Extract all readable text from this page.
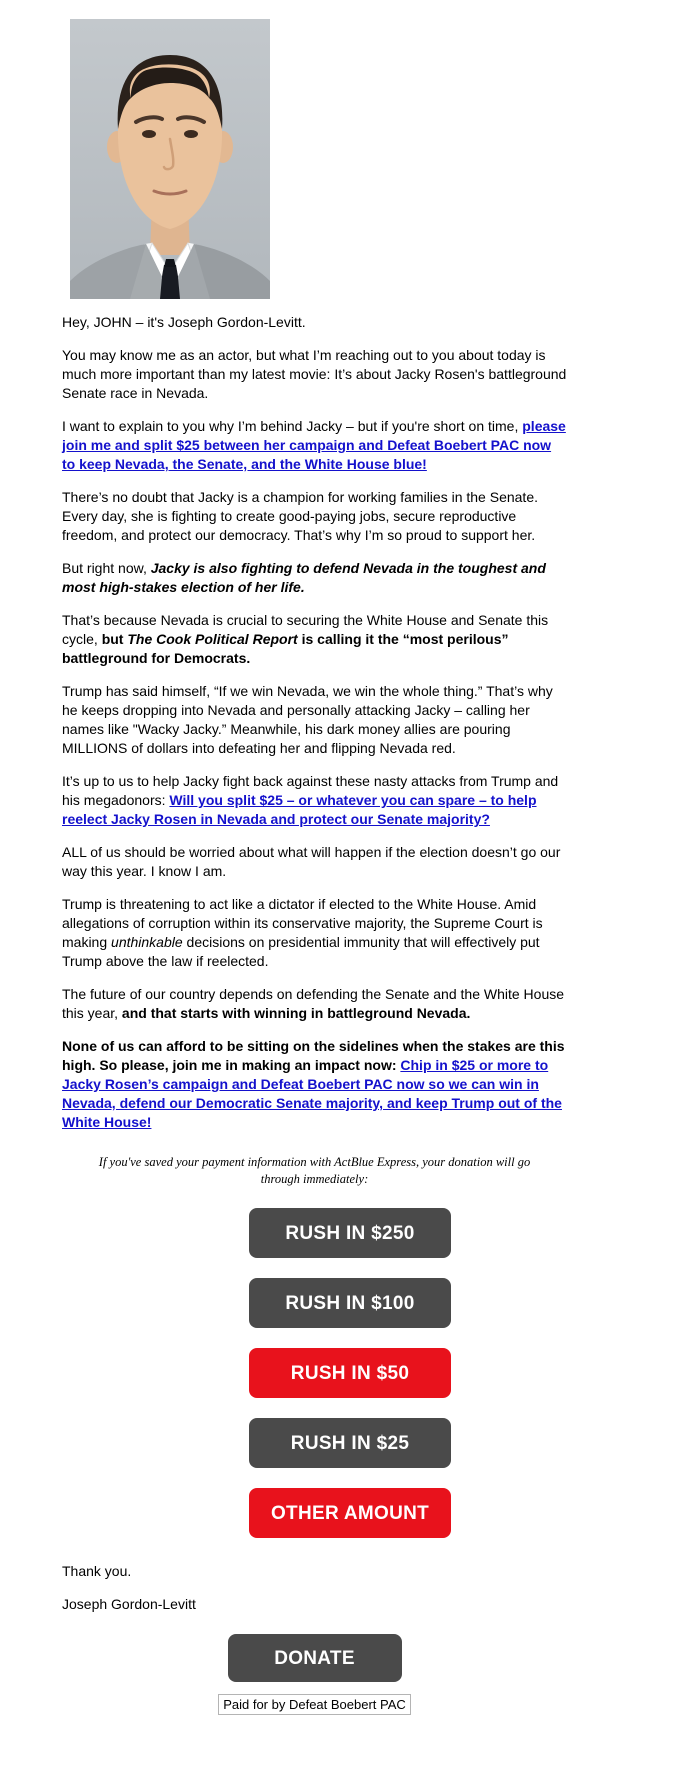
Hey, JOHN – it's Joseph Gordon-Levitt.

You may know me as an actor, but what I’m reaching out to you about today is much more important than my latest movie: It’s about Jacky Rosen's battleground Senate race in Nevada.

I want to explain to you why I’m behind Jacky – but if you're short on time, please join me and split $25 between her campaign and Defeat Boebert PAC now to keep Nevada, the Senate, and the White House blue!

There’s no doubt that Jacky is a champion for working families in the Senate. Every day, she is fighting to create good-paying jobs, secure reproductive freedom, and protect our democracy. That’s why I’m so proud to support her.

But right now, Jacky is also fighting to defend Nevada in the toughest and most high-stakes election of her life.

That’s because Nevada is crucial to securing the White House and Senate this cycle, but The Cook Political Report is calling it the “most perilous” battleground for Democrats.

Trump has said himself, “If we win Nevada, we win the whole thing.” That’s why he keeps dropping into Nevada and personally attacking Jacky – calling her names like "Wacky Jacky.” Meanwhile, his dark money allies are pouring MILLIONS of dollars into defeating her and flipping Nevada red.

It’s up to us to help Jacky fight back against these nasty attacks from Trump and his megadonors: Will you split $25 – or whatever you can spare – to help reelect Jacky Rosen in Nevada and protect our Senate majority?

ALL of us should be worried about what will happen if the election doesn’t go our way this year. I know I am.

Trump is threatening to act like a dictator if elected to the White House. Amid allegations of corruption within its conservative majority, the Supreme Court is making unthinkable decisions on presidential immunity that will effectively put Trump above the law if reelected.

The future of our country depends on defending the Senate and the White House this year, and that starts with winning in battleground Nevada.

None of us can afford to be sitting on the sidelines when the stakes are this high. So please, join me in making an impact now: Chip in $25 or more to Jacky Rosen’s campaign and Defeat Boebert PAC now so we can win in Nevada, defend our Democratic Senate majority, and keep Trump out of the White House!

If you've saved your payment information with ActBlue Express, your donation will go through immediately:
RUSH IN $250
RUSH IN $100
RUSH IN $50
RUSH IN $25
OTHER AMOUNT

Thank you.

Joseph Gordon-Levitt

DONATE
Paid for by Defeat Boebert PAC
